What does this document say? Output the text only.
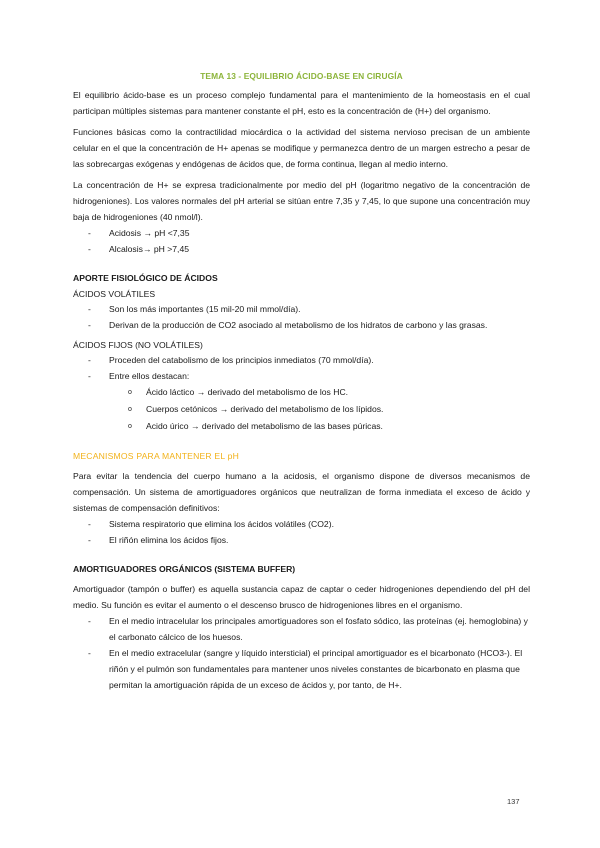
TEMA 13 - EQUILIBRIO ÁCIDO-BASE EN CIRUGÍA

El equilibrio ácido-base es un proceso complejo fundamental para el mantenimiento de la homeostasis en el cual participan múltiples sistemas para mantener constante el pH, esto es la concentración de (H+) del organismo.

Funciones básicas como la contractilidad miocárdica o la actividad del sistema nervioso precisan de un ambiente celular en el que la concentración de H+ apenas se modifique y permanezca dentro de un margen estrecho a pesar de las sobrecargas exógenas y endógenas de ácidos que, de forma continua, llegan al medio interno.

La concentración de H+ se expresa tradicionalmente por medio del pH (logaritmo negativo de la concentración de hidrogeniones). Los valores normales del pH arterial se sitúan entre 7,35 y 7,45, lo que supone una concentración muy baja de hidrogeniones (40 nmol/l).

- Acidosis → pH <7,35
- Alcalosis→ pH >7,45
APORTE FISIOLÓGICO DE ÁCIDOS
ÁCIDOS VOLÁTILES
- Son los más importantes (15 mil-20 mil mmol/día).
- Derivan de la producción de CO2 asociado al metabolismo de los hidratos de carbono y las grasas.
ÁCIDOS FIJOS (NO VOLÁTILES)
- Proceden del catabolismo de los principios inmediatos (70 mmol/día).
- Entre ellos destacan:
o Ácido láctico → derivado del metabolismo de los HC.
o Cuerpos cetónicos → derivado del metabolismo de los lípidos.
o Acido úrico → derivado del metabolismo de las bases púricas.
MECANISMOS PARA MANTENER EL pH

Para evitar la tendencia del cuerpo humano a la acidosis, el organismo dispone de diversos mecanismos de compensación. Un sistema de amortiguadores orgánicos que neutralizan de forma inmediata el exceso de ácido y sistemas de compensación definitivos:

- Sistema respiratorio que elimina los ácidos volátiles (CO2).
- El riñón elimina los ácidos fijos.
AMORTIGUADORES ORGÁNICOS (SISTEMA BUFFER)

Amortiguador (tampón o buffer) es aquella sustancia capaz de captar o ceder hidrogeniones dependiendo del pH del medio. Su función es evitar el aumento o el descenso brusco de hidrogeniones libres en el organismo.

- En el medio intracelular los principales amortiguadores son el fosfato sódico, las proteínas (ej. hemoglobina) y el carbonato cálcico de los huesos.
- En el medio extracelular (sangre y líquido intersticial) el principal amortiguador es el bicarbonato (HCO3-). El riñón y el pulmón son fundamentales para mantener unos niveles constantes de bicarbonato en plasma que permitan la amortiguación rápida de un exceso de ácidos y, por tanto, de H+.
137
